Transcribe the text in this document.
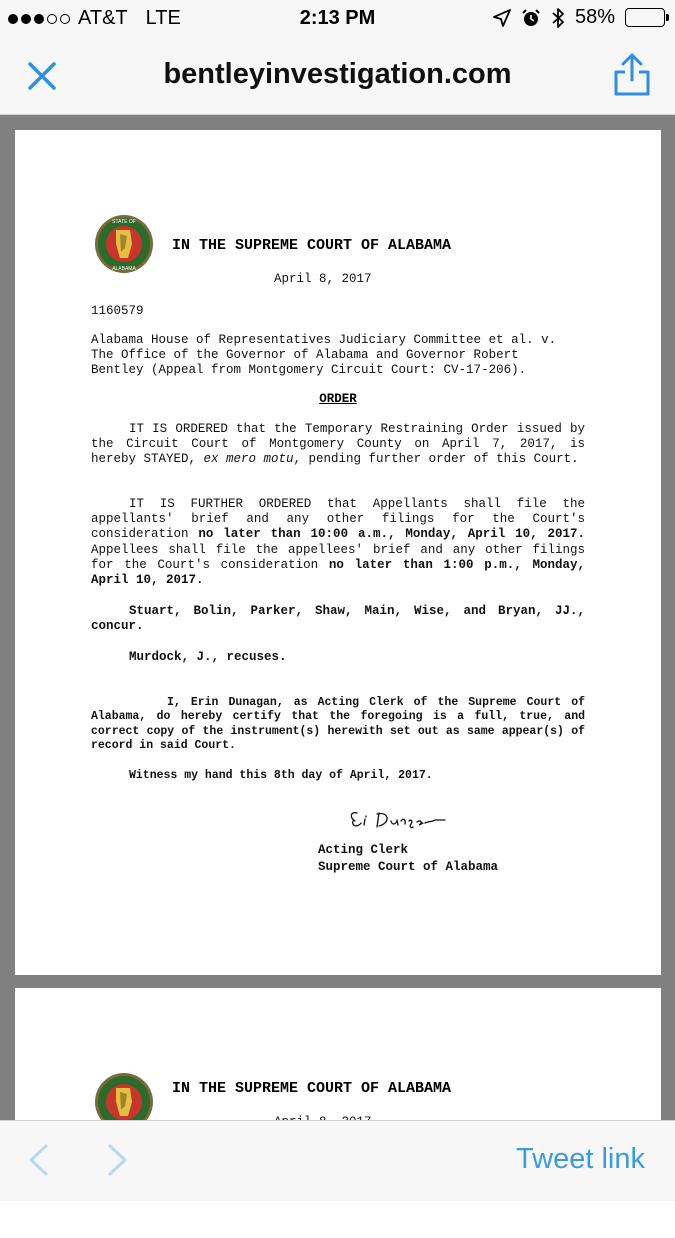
AT&T LTE	2:13 PM	58%
bentleyinvestigation.com
STATE OF
ALABAMA
IN THE SUPREME COURT OF ALABAMA
April 8, 2017
1160579
Alabama House of Representatives Judiciary Committee et al. v.
The Office of the Governor of Alabama and Governor Robert
Bentley (Appeal from Montgomery Circuit Court: CV-17-206).
ORDER
IT IS ORDERED that the Temporary Restraining Order issued by the Circuit Court of Montgomery County on April 7, 2017, is hereby STAYED, ex mero motu, pending further order of this Court.
IT IS FURTHER ORDERED that Appellants shall file the appellants' brief and any other filings for the Court's consideration no later than 10:00 a.m., Monday, April 10, 2017. Appellees shall file the appellees' brief and any other filings for the Court's consideration no later than 1:00 p.m., Monday, April 10, 2017.
Stuart, Bolin, Parker, Shaw, Main, Wise, and Bryan, JJ., concur.
Murdock, J., recuses.
I, Erin Dunagan, as Acting Clerk of the Supreme Court of Alabama, do hereby certify that the foregoing is a full, true, and correct copy of the instrument(s) herewith set out as same appear(s) of record in said Court.
Witness my hand this 8th day of April, 2017.
Acting Clerk
Supreme Court of Alabama
IN THE SUPREME COURT OF ALABAMA
Tweet link
